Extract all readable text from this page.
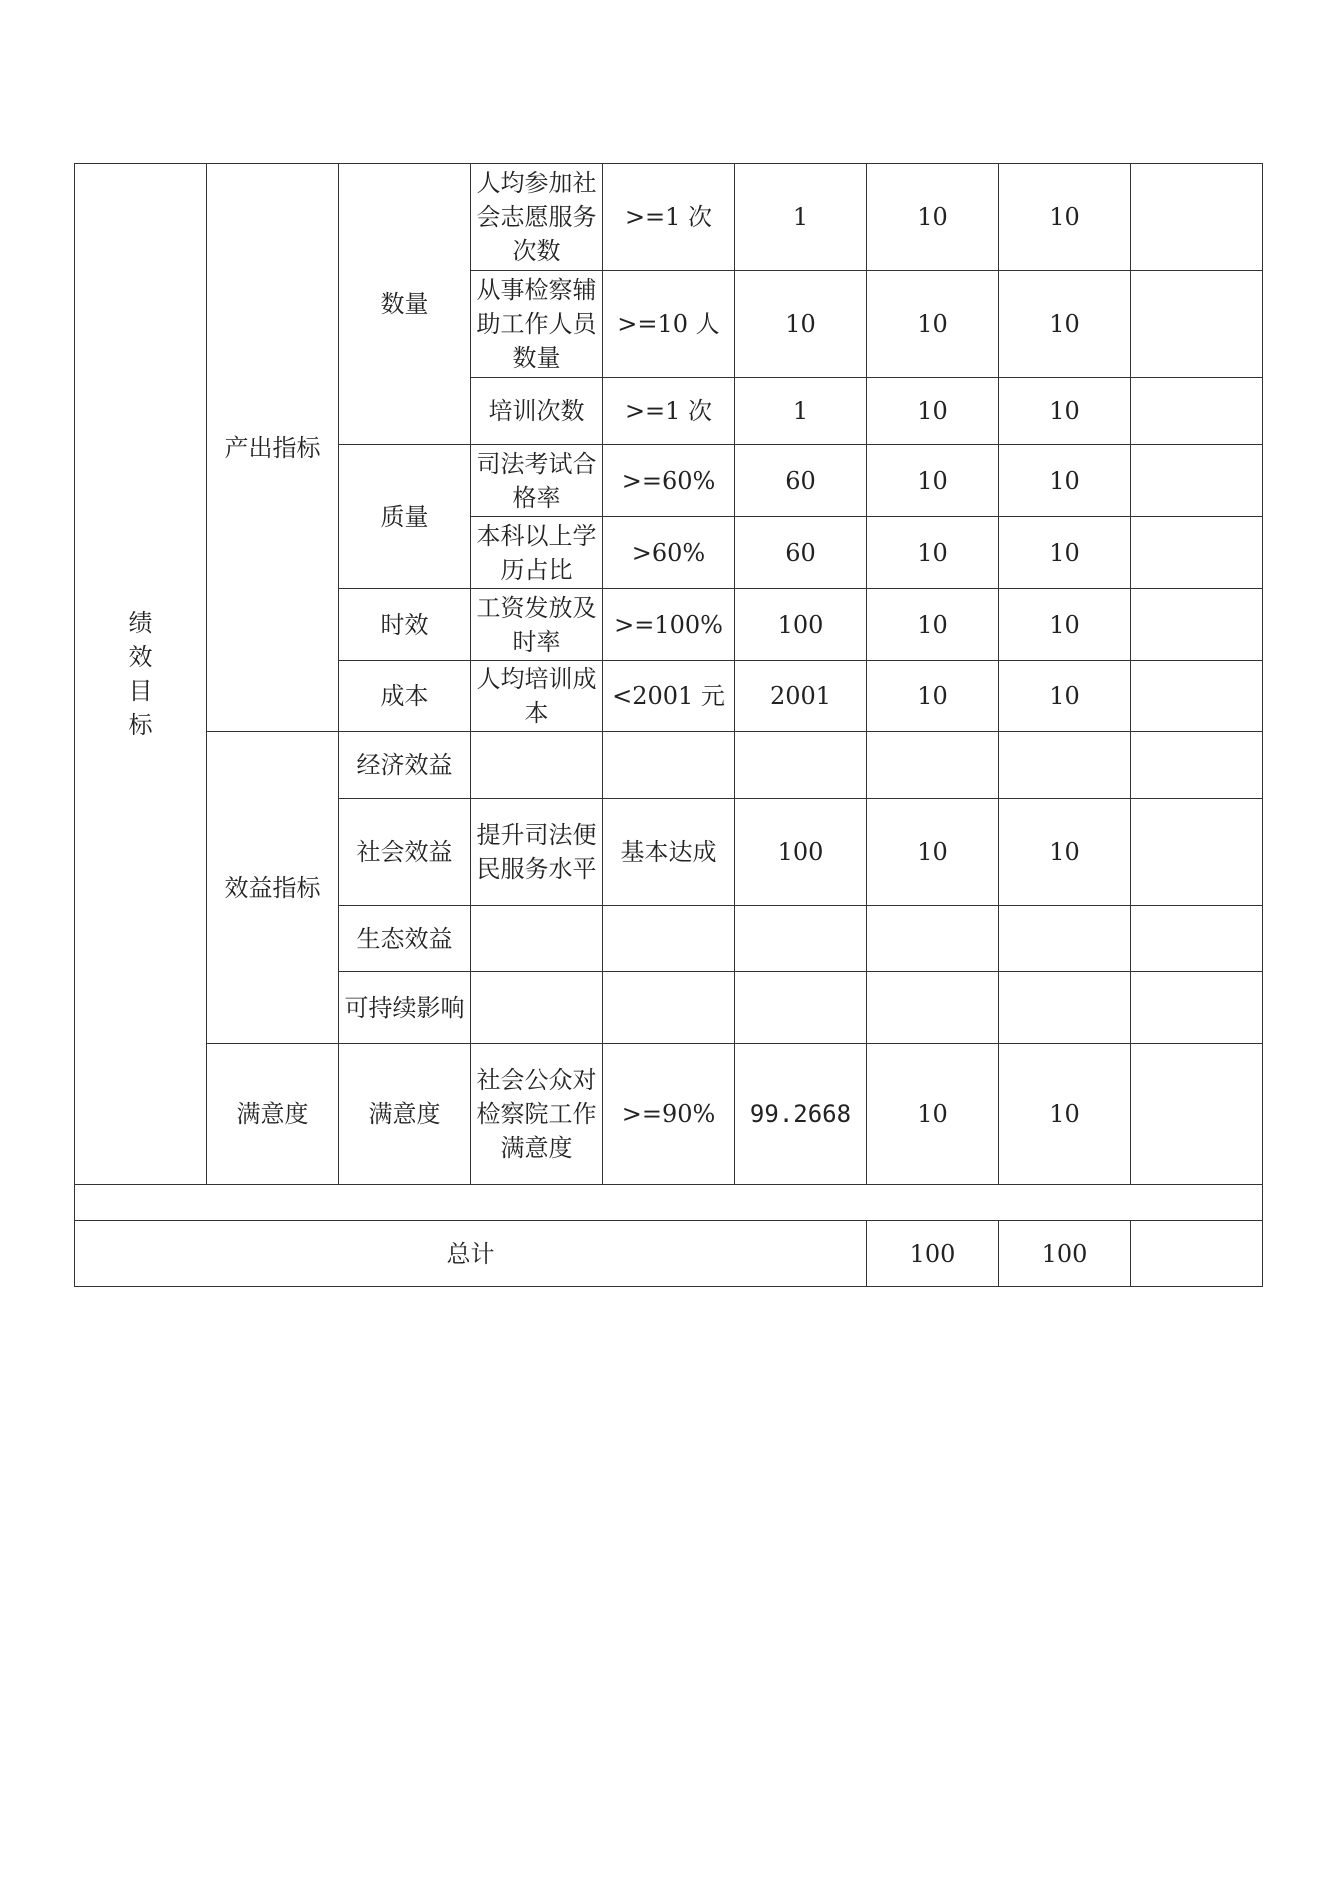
绩
效
目
标	产出指标	数量	人均参加社会志愿服务次数	>=1 次	1	10	10	
			从事检察辅助工作人员数量	>=10 人	10	10	10	
			培训次数	>=1 次	1	10	10	
		质量	司法考试合格率	>=60%	60	10	10	
			本科以上学历占比	>60%	60	10	10	
		时效	工资发放及时率	>=100%	100	10	10	
		成本	人均培训成本	<2001 元	2001	10	10	
	效益指标	经济效益						
		社会效益	提升司法便民服务水平	基本达成	100	10	10	
		生态效益						
		可持续影响						
	满意度	满意度	社会公众对检察院工作满意度	>=90%	99.2668	10	10	

总计						100	100	
